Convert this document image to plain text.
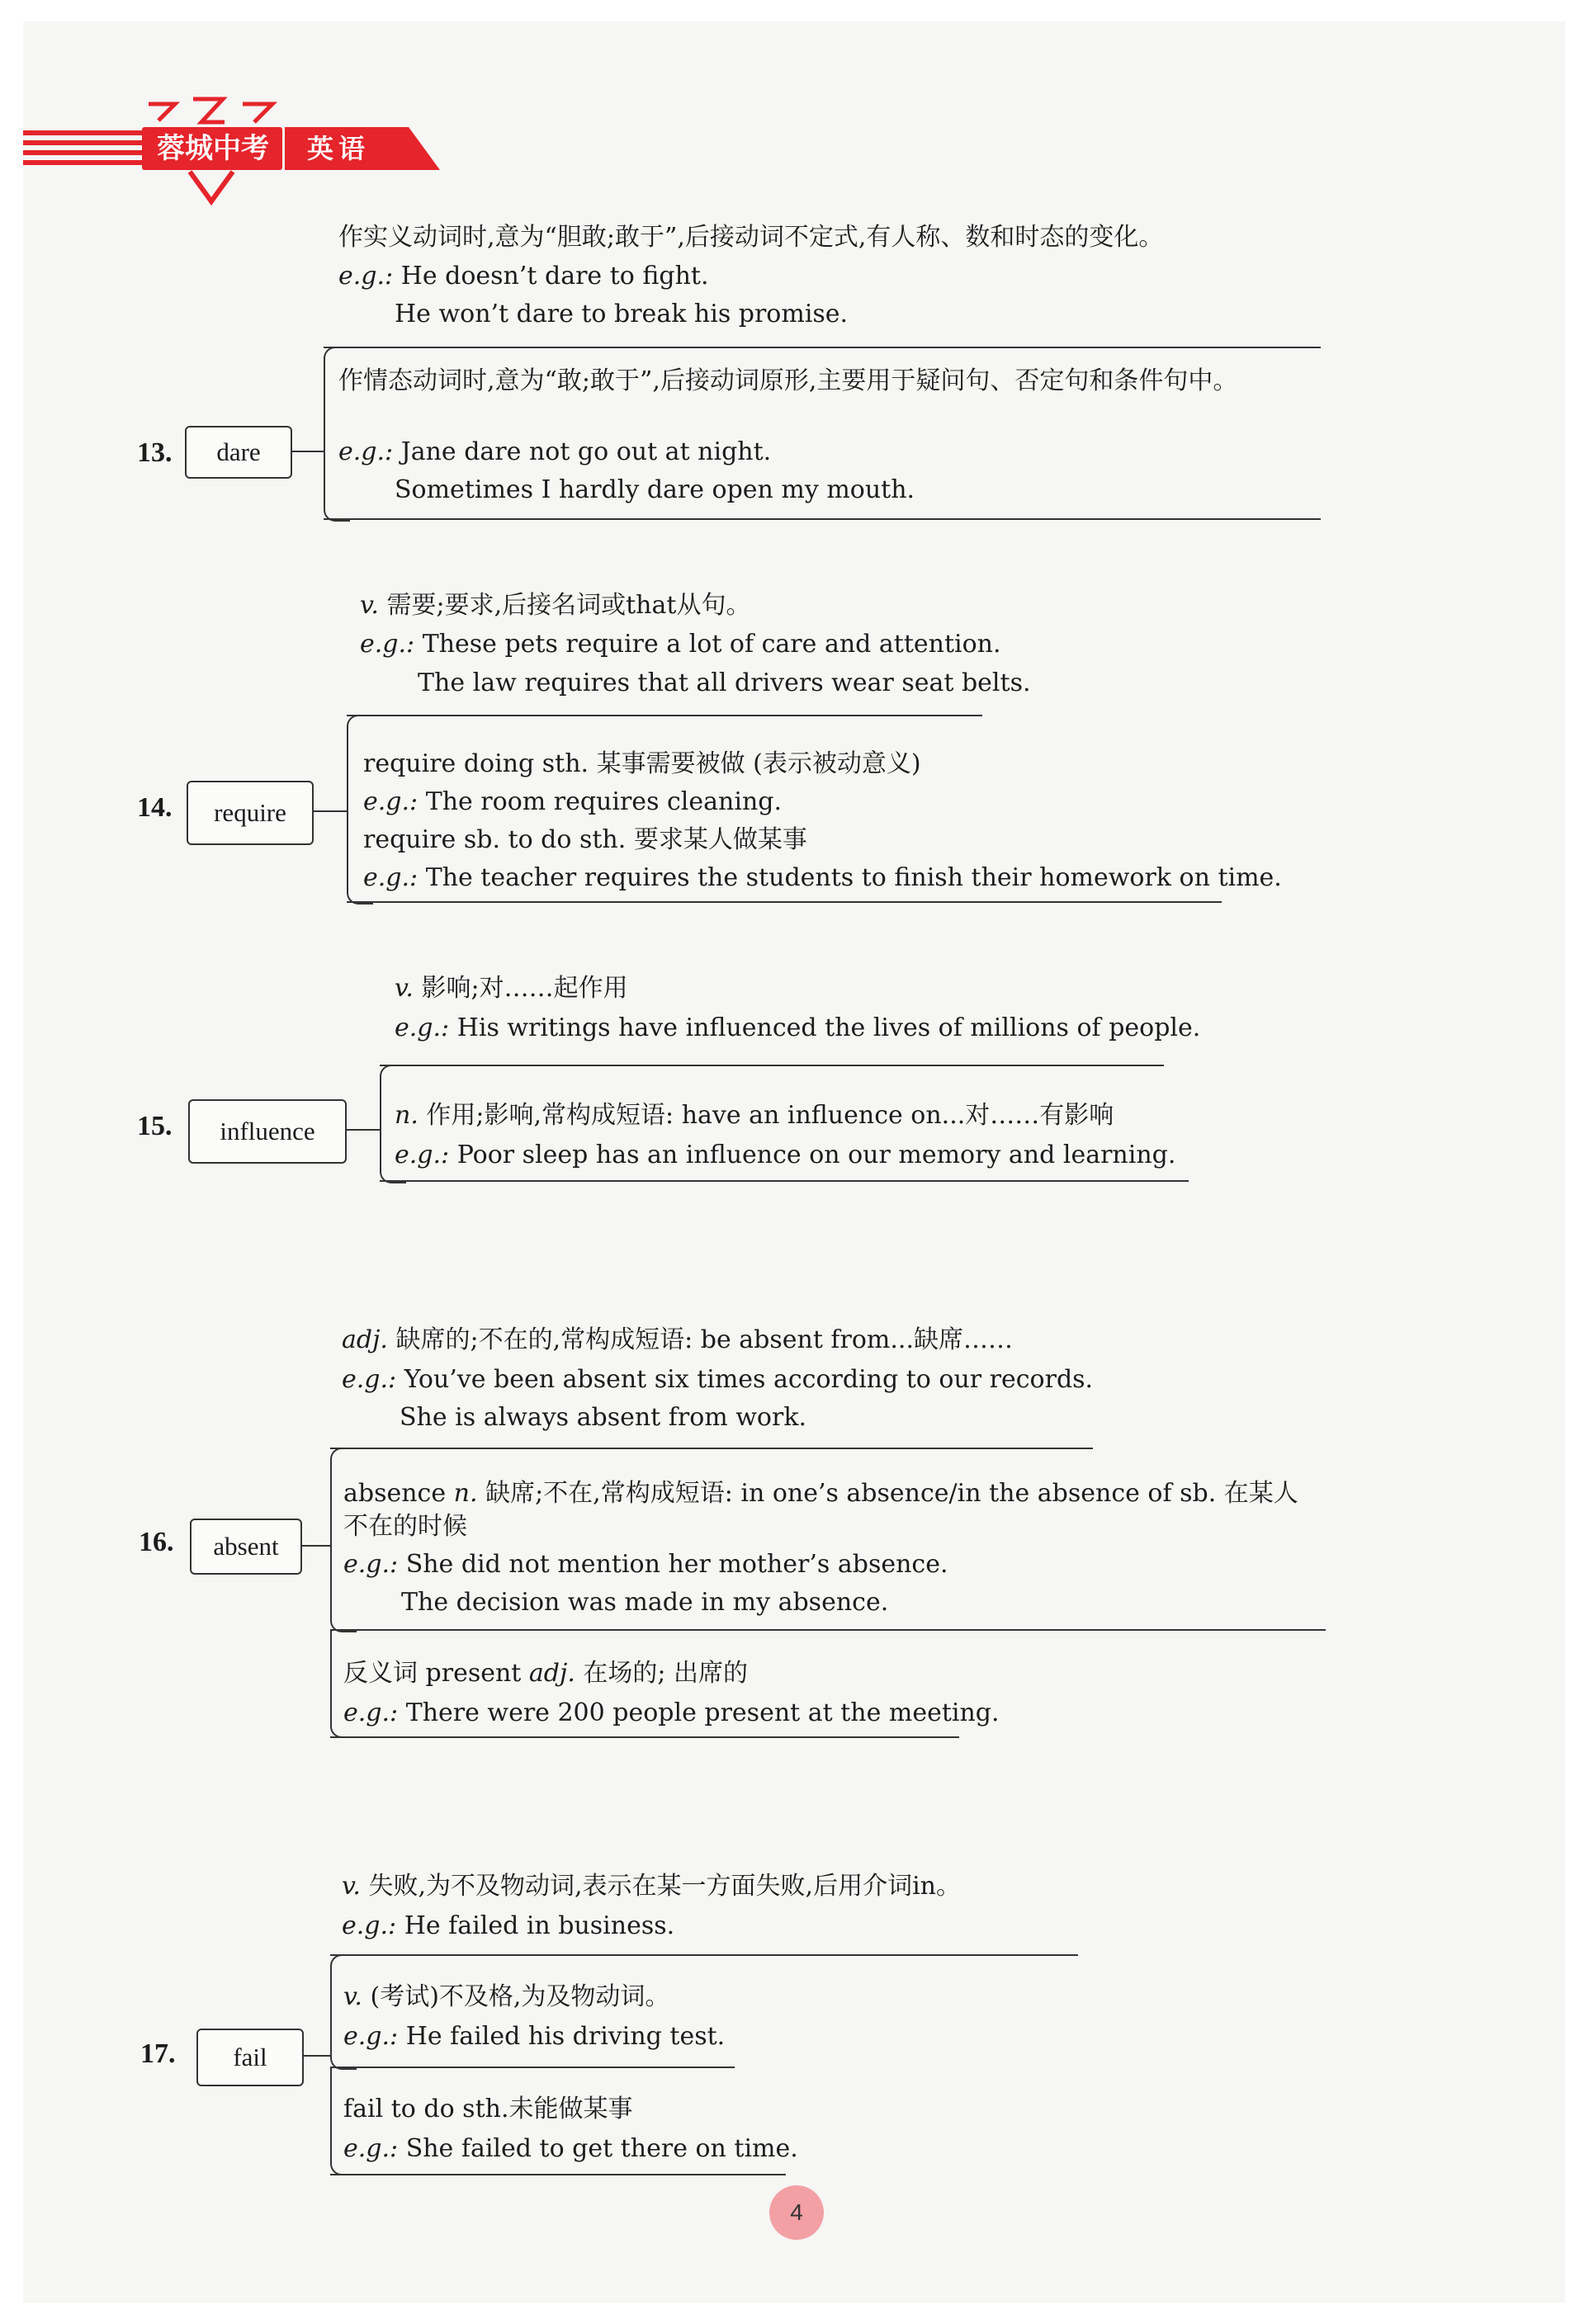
蓉城中考	英语
作实义动词时,意为“胆敢;敢于”,后接动词不定式,有人称、数和时态的变化。
e.g.: He doesn’t dare to fight.
He won’t dare to break his promise.
作情态动词时,意为“敢;敢于”,后接动词原形,主要用于疑问句、否定句和条件句中。
e.g.: Jane dare not go out at night.
Sometimes I hardly dare open my mouth.
13.	dare
v. 需要;要求,后接名词或that从句。
e.g.: These pets require a lot of care and attention.
The law requires that all drivers wear seat belts.
require doing sth. 某事需要被做 (表示被动意义)
e.g.: The room requires cleaning.
require sb. to do sth. 要求某人做某事
e.g.: The teacher requires the students to finish their homework on time.
14.	require
v. 影响;对……起作用
e.g.: His writings have influenced the lives of millions of people.
n. 作用;影响,常构成短语: have an influence on...对……有影响
e.g.: Poor sleep has an influence on our memory and learning.
15.	influence
adj. 缺席的;不在的,常构成短语: be absent from...缺席……
e.g.: You’ve been absent six times according to our records.
She is always absent from work.
absence n. 缺席;不在,常构成短语: in one’s absence/in the absence of sb. 在某人不在的时候
e.g.: She did not mention her mother’s absence.
The decision was made in my absence.
反义词 present adj. 在场的; 出席的
e.g.: There were 200 people present at the meeting.
16.	absent
v. 失败,为不及物动词,表示在某一方面失败,后用介词in。
e.g.: He failed in business.
v. (考试)不及格,为及物动词。
e.g.: He failed his driving test.
fail to do sth.未能做某事
e.g.: She failed to get there on time.
17.	fail
4
